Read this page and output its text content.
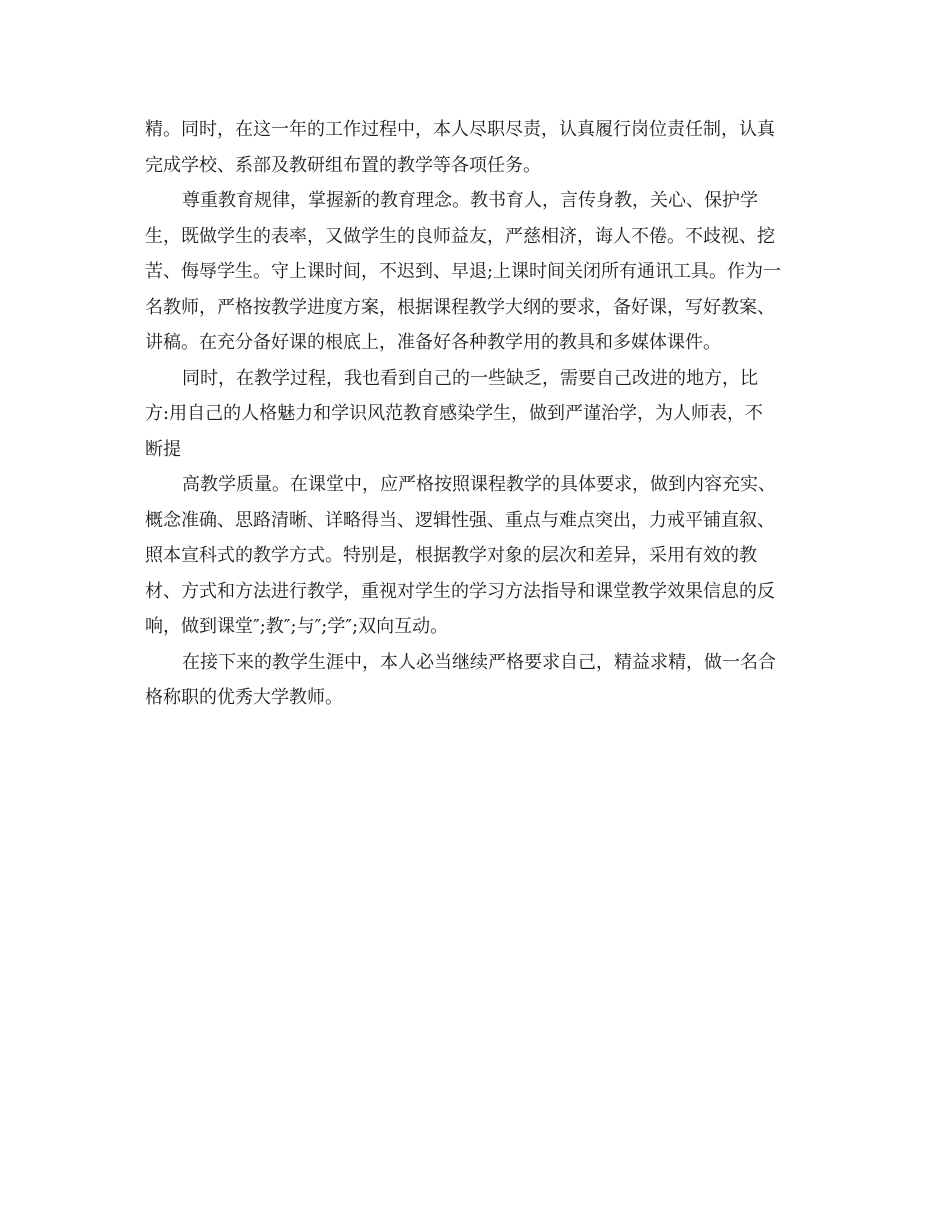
精。同时，在这一年的工作过程中，本人尽职尽责，认真履行岗位责任制，认真
完成学校、系部及教研组布置的教学等各项任务。
尊重教育规律，掌握新的教育理念。教书育人，言传身教，关心、保护学
生，既做学生的表率，又做学生的良师益友，严慈相济，诲人不倦。不歧视、挖
苦、侮辱学生。守上课时间，不迟到、早退;上课时间关闭所有通讯工具。作为一
名教师，严格按教学进度方案，根据课程教学大纲的要求，备好课，写好教案、
讲稿。在充分备好课的根底上，准备好各种教学用的教具和多媒体课件。
同时，在教学过程，我也看到自己的一些缺乏，需要自己改进的地方，比
方:用自己的人格魅力和学识风范教育感染学生，做到严谨治学，为人师表，不
断提
高教学质量。在课堂中，应严格按照课程教学的具体要求，做到内容充实、
概念准确、思路清晰、详略得当、逻辑性强、重点与难点突出，力戒平铺直叙、
照本宣科式的教学方式。特别是，根据教学对象的层次和差异，采用有效的教
材、方式和方法进行教学，重视对学生的学习方法指导和课堂教学效果信息的反
响，做到课堂″;教″;与″;学″;双向互动。
在接下来的教学生涯中，本人必当继续严格要求自己，精益求精，做一名合
格称职的优秀大学教师。
